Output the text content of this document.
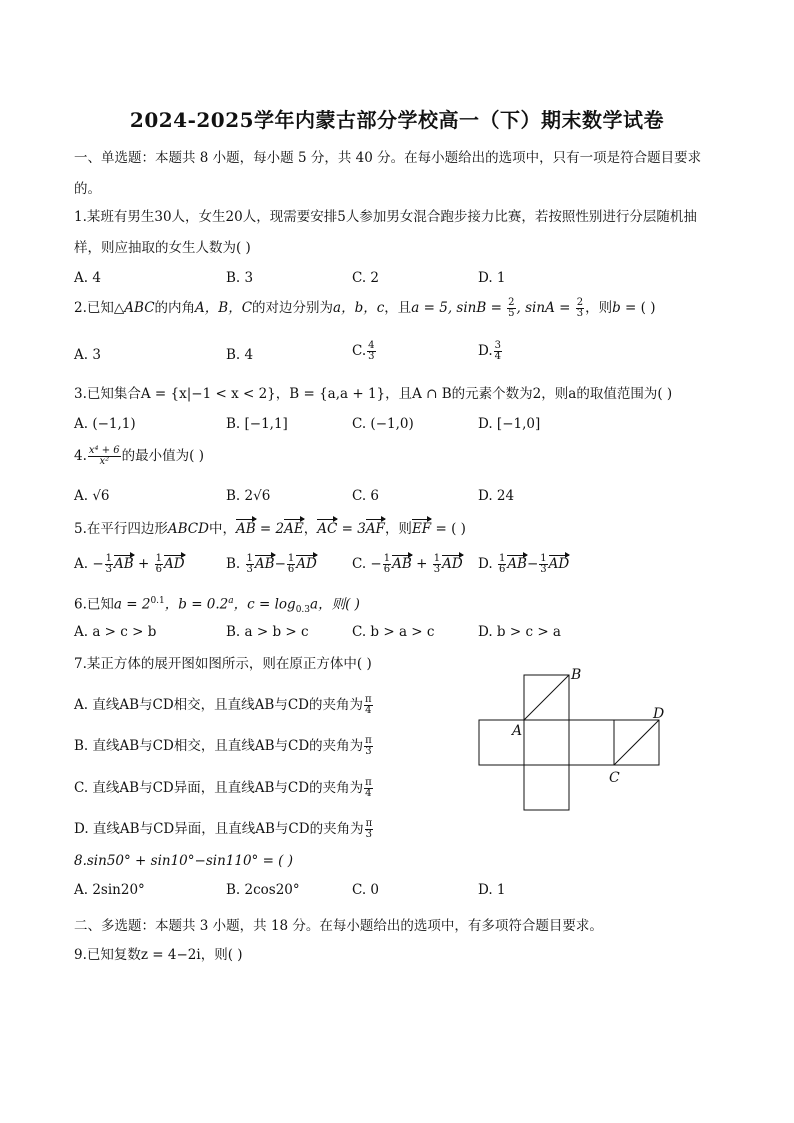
2024-2025学年内蒙古部分学校高一（下）期末数学试卷
一、单选题：本题共 8 小题，每小题 5 分，共 40 分。在每小题给出的选项中，只有一项是符合题目要求
的。
1.某班有男生30人，女生20人，现需要安排5人参加男女混合跑步接力比赛，若按照性别进行分层随机抽
样，则应抽取的女生人数为( )
A. 4	B. 3	C. 2	D. 1
2.已知△ABC的内角A，B，C的对边分别为a，b，c，且a = 5, $\sin B = \frac{2}{5}$ , $\sin A = \frac{2}{3}$ ，则b = ( )
A. 3	B. 4	C. $\frac{4}{3}$	D. $\frac{3}{4}$
3.已知集合A = {x|−1 < x < 2}，B = {a,a + 1}，且A ∩ B的元素个数为2，则a的取值范围为( )
A. (−1,1)	B. [−1,1]	C. (−1,0)	D. [−1,0]
4. $\frac{\text{x⁴ + 6}}{\text{x²}}$ 的最小值为( )
A. √6	B. 2√6	C. 6	D. 24
5.在平行四边形ABCD中，AB = 2AE，AC = 3AF，则EF = ( )
A. − $\frac{1}{3}$ AB + $\frac{1}{6}$ AD	B. $\frac{1}{3} AB- \frac{1}{6}$ AD	C. − $\frac{1}{6}$ AB + $\frac{1}{3}$ AD D. $\frac{1}{6} AB- \frac{1}{3}$ AD
6.已知$a = 2^{0.1}$，b = 0.2$^a$，$c = \log_{0.3}a$，则( )
A. a > c > b	B. a > b > c	C. b > a > c	D. b > c > a
7.某正方体的展开图如图所示，则在原正方体中( )
A. 直线AB与CD相交，且直线AB与CD的夹角为 $\frac{\pi}{4}$
B. 直线AB与CD相交，且直线AB与CD的夹角为 $\frac{\pi}{3}$
C. 直线AB与CD异面，且直线AB与CD的夹角为 $\frac{\pi}{4}$
D. 直线AB与CD异面，且直线AB与CD的夹角为 $\frac{\pi}{3}$
B
A
C
D
8.sin50° + sin10°−sin110° = ( )
A. 2sin20°	B. 2cos20°	C. 0	D. 1
二、多选题：本题共 3 小题，共 18 分。在每小题给出的选项中，有多项符合题目要求。
9.已知复数z = 4−2i，则( )
